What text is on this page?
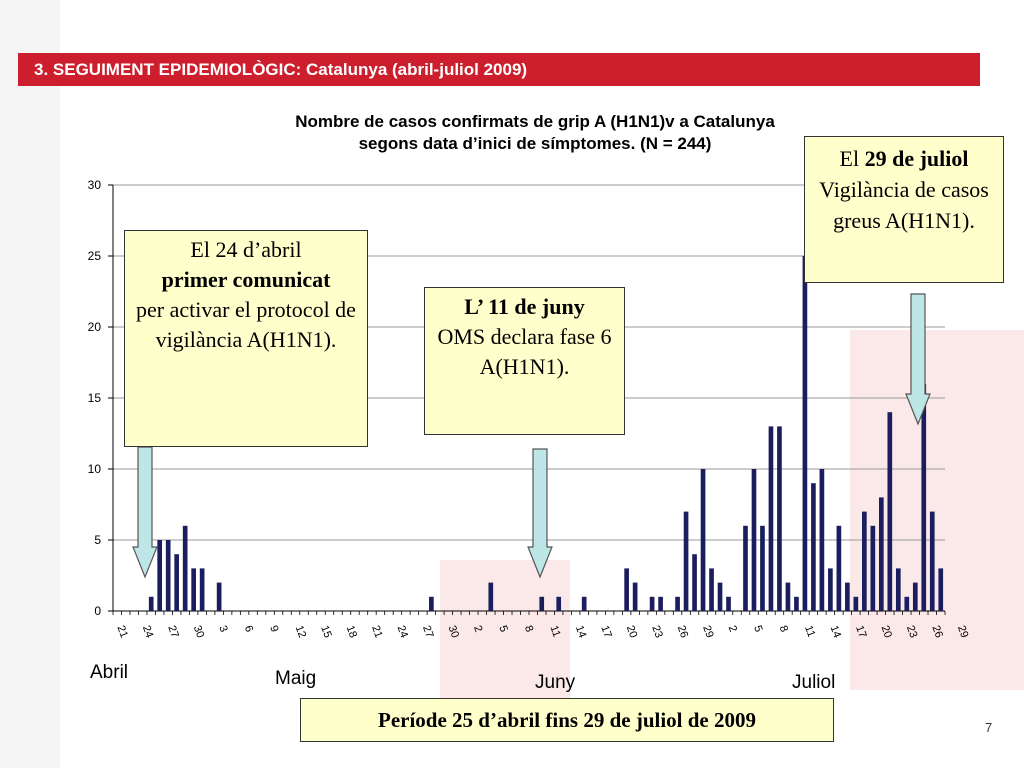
3. SEGUIMENT EPIDEMIOLÒGIC: Catalunya (abril-juliol 2009)
Nombre de casos confirmats de grip A (H1N1)v a Catalunya
segons data d’inici de símptomes. (N = 244)
0
5
10
15
20
25
30
21 24 27 30 3 6 9 12 15 18 21 24 27 30 2 5 8 11 14 17 20 23 26 29 2 5 8 11 14 17 20 23 26 29
El 24 d’abril
primer comunicat
per activar el protocol de vigilància A(H1N1).
L’ 11 de juny
OMS declara fase 6 A(H1N1).
El 29 de juliol
Vigilància de casos greus A(H1N1).
Abril	Maig	Juny	Juliol
Període 25 d’abril fins 29 de juliol de 2009	7
